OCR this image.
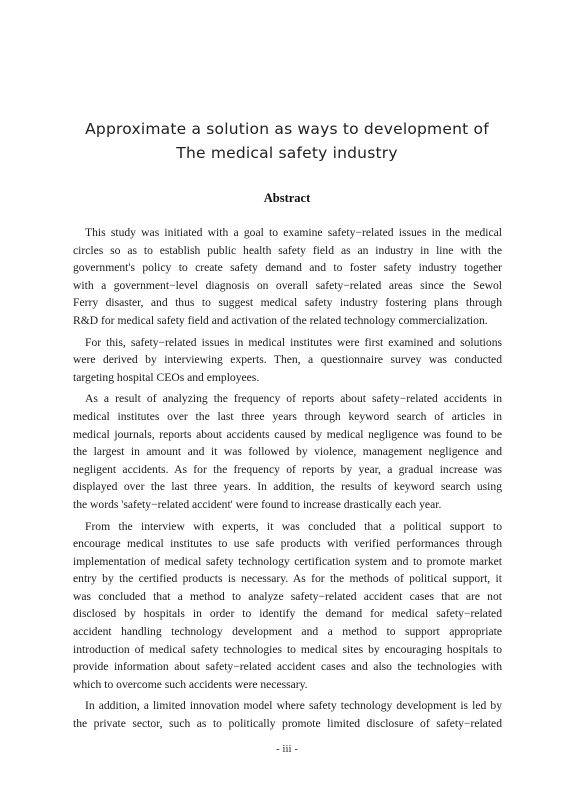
Approximate a solution as ways to development of
The medical safety industry
Abstract

This study was initiated with a goal to examine safety−related issues in the medical
circles so as to establish public health safety field as an industry in line with the
government's policy to create safety demand and to foster safety industry together
with a government−level diagnosis on overall safety−related areas since the Sewol
Ferry disaster, and thus to suggest medical safety industry fostering plans through
R&D for medical safety field and activation of the related technology commercialization.

For this, safety−related issues in medical institutes were first examined and solutions
were derived by interviewing experts. Then, a questionnaire survey was conducted
targeting hospital CEOs and employees.

As a result of analyzing the frequency of reports about safety−related accidents in
medical institutes over the last three years through keyword search of articles in
medical journals, reports about accidents caused by medical negligence was found to be
the largest in amount and it was followed by violence, management negligence and
negligent accidents. As for the frequency of reports by year, a gradual increase was
displayed over the last three years. In addition, the results of keyword search using
the words 'safety−related accident' were found to increase drastically each year.

From the interview with experts, it was concluded that a political support to
encourage medical institutes to use safe products with verified performances through
implementation of medical safety technology certification system and to promote market
entry by the certified products is necessary. As for the methods of political support, it
was concluded that a method to analyze safety−related accident cases that are not
disclosed by hospitals in order to identify the demand for medical safety−related
accident handling technology development and a method to support appropriate
introduction of medical safety technologies to medical sites by encouraging hospitals to
provide information about safety−related accident cases and also the technologies with
which to overcome such accidents were necessary.

In addition, a limited innovation model where safety technology development is led by
the private sector, such as to politically promote limited disclosure of safety−related

- iii -
